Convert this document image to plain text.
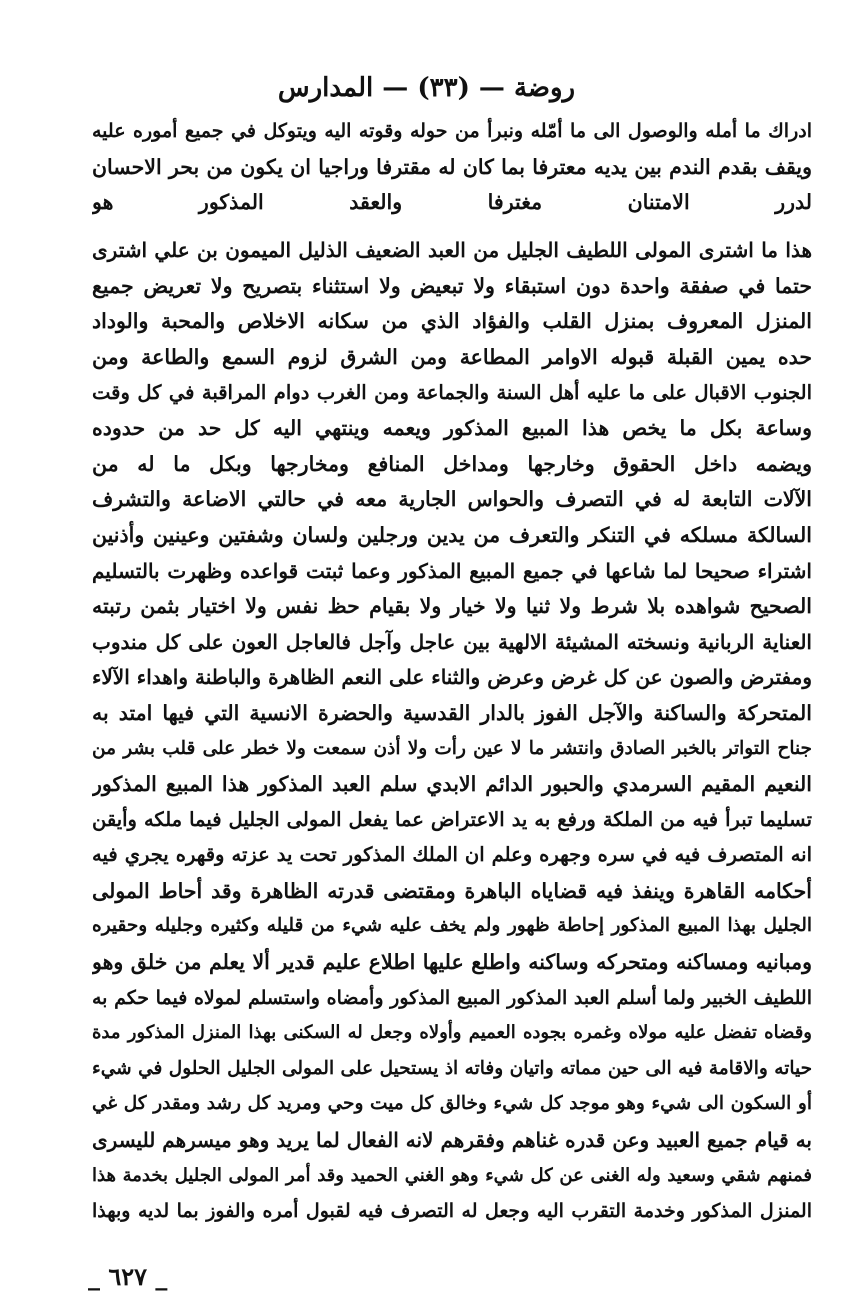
روضة — (٣٣) — المدارس
ادراك ما أمله والوصول الى ما أمّله ونبرأ من حوله وقوته اليه ويتوكل في جميع أموره عليه
ويقف بقدم الندم بين يديه معترفا بما كان له مقترفا وراجيا ان يكون من بحر الاحسان
لدرر الامتنان مغترفا والعقد المذكور هو
هذا ما اشترى المولى اللطيف الجليل من العبد الضعيف الذليل الميمون بن علي اشترى
حتما في صفقة واحدة دون استبقاء ولا تبعيض ولا استثناء بتصريح ولا تعريض جميع
المنزل المعروف بمنزل القلب والفؤاد الذي من سكانه الاخلاص والمحبة والوداد
حده يمين القبلة قبوله الاوامر المطاعة ومن الشرق لزوم السمع والطاعة ومن
الجنوب الاقبال على ما عليه أهل السنة والجماعة ومن الغرب دوام المراقبة في كل وقت
وساعة بكل ما يخص هذا المبيع المذكور ويعمه وينتهي اليه كل حد من حدوده
ويضمه داخل الحقوق وخارجها ومداخل المنافع ومخارجها وبكل ما له من
الآلات التابعة له في التصرف والحواس الجارية معه في حالتي الاضاعة والتشرف
السالكة مسلكه في التنكر والتعرف من يدين ورجلين ولسان وشفتين وعينين وأذنين
اشتراء صحيحا لما شاعها في جميع المبيع المذكور وعما ثبتت قواعده وظهرت بالتسليم
الصحيح شواهده بلا شرط ولا ثنيا ولا خيار ولا بقيام حظ نفس ولا اختيار بثمن رتبته
العناية الربانية ونسخته المشيئة الالهية بين عاجل وآجل فالعاجل العون على كل مندوب
ومفترض والصون عن كل غرض وعرض والثناء على النعم الظاهرة والباطنة واهداء الآلاء
المتحركة والساكنة والآجل الفوز بالدار القدسية والحضرة الانسية التي فيها امتد به
جناح التواتر بالخبر الصادق وانتشر ما لا عين رأت ولا أذن سمعت ولا خطر على قلب بشر من
النعيم المقيم السرمدي والحبور الدائم الابدي سلم العبد المذكور هذا المبيع المذكور
تسليما تبرأ فيه من الملكة ورفع به يد الاعتراض عما يفعل المولى الجليل فيما ملكه وأيقن
انه المتصرف فيه في سره وجهره وعلم ان الملك المذكور تحت يد عزته وقهره يجري فيه
أحكامه القاهرة وينفذ فيه قضاياه الباهرة ومقتضى قدرته الظاهرة وقد أحاط المولى
الجليل بهذا المبيع المذكور إحاطة ظهور ولم يخف عليه شيء من قليله وكثيره وجليله وحقيره
ومبانيه ومساكنه ومتحركه وساكنه واطلع عليها اطلاع عليم قدير ألا يعلم من خلق وهو
اللطيف الخبير ولما أسلم العبد المذكور المبيع المذكور وأمضاه واستسلم لمولاه فيما حكم به
وقضاه تفضل عليه مولاه وغمره بجوده العميم وأولاه وجعل له السكنى بهذا المنزل المذكور مدة
حياته والاقامة فيه الى حين مماته واتيان وفاته اذ يستحيل على المولى الجليل الحلول في شيء
أو السكون الى شيء وهو موجد كل شيء وخالق كل ميت وحي ومريد كل رشد ومقدر كل غي
به قيام جميع العبيد وعن قدره غناهم وفقرهم لانه الفعال لما يريد وهو ميسرهم لليسرى
فمنهم شقي وسعيد وله الغنى عن كل شيء وهو الغني الحميد وقد أمر المولى الجليل بخدمة هذا
المنزل المذكور وخدمة التقرب اليه وجعل له التصرف فيه لقبول أمره والفوز بما لديه وبهذا
_ ٦٢٧ _
